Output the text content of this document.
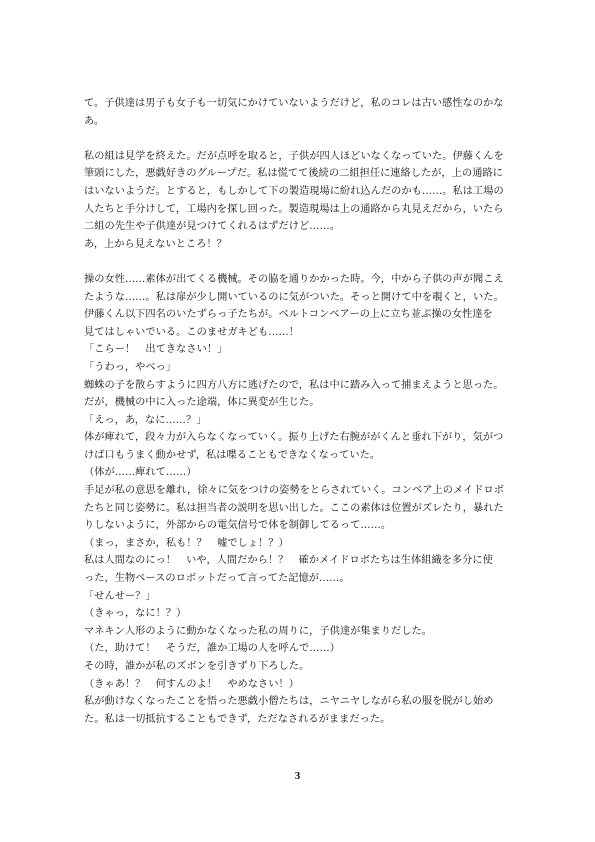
て。子供達は男子も女子も一切気にかけていないようだけど，私のコレは古い感性なのかな
あ。
私の組は見学を終えた。だが点呼を取ると，子供が四人ほどいなくなっていた。伊藤くんを
筆頭にした，悪戯好きのグループだ。私は慌てて後続の二組担任に連絡したが，上の通路に
はいないようだ。とすると，もしかして下の製造現場に紛れ込んだのかも……。私は工場の
人たちと手分けして，工場内を探し回った。製造現場は上の通路から丸見えだから，いたら
二組の先生や子供達が見つけてくれるはずだけど……。
あ，上から見えないところ！？
操の女性……素体が出てくる機械。その脇を通りかかった時。今，中から子供の声が聞こえ
たような……。私は扉が少し開いているのに気がついた。そっと開けて中を覗くと，いた。
伊藤くん以下四名のいたずらっ子たちが。ベルトコンベアーの上に立ち並ぶ操の女性達を
見てはしゃいでいる。このませガキども……！
「こらー！　出てきなさい！」
「うわっ，やべっ」
蜘蛛の子を散らすように四方八方に逃げたので，私は中に踏み入って捕まえようと思った。
だが，機械の中に入った途端，体に異変が生じた。
「えっ，あ，なに……？」
体が痺れて，段々力が入らなくなっていく。振り上げた右腕ががくんと垂れ下がり，気がつ
けば口もうまく動かせず，私は喋ることもできなくなっていた。
（体が……痺れて……）
手足が私の意思を離れ，徐々に気をつけの姿勢をとらされていく。コンベア上のメイドロボ
たちと同じ姿勢に。私は担当者の説明を思い出した。ここの素体は位置がズレたり，暴れた
りしないように，外部からの電気信号で体を制御してるって……。
（まっ，まさか，私も！？　嘘でしょ！？）
私は人間なのにっ！　いや，人間だから！？　確かメイドロボたちは生体組織を多分に使
った，生物ベースのロボットだって言ってた記憶が……。
「せんせー？」
（きゃっ，なに！？）
マネキン人形のように動かなくなった私の周りに，子供達が集まりだした。
（た，助けて！　そうだ，誰か工場の人を呼んで……）
その時，誰かが私のズボンを引きずり下ろした。
（きゃあ！？　何すんのよ！　やめなさい！）
私が動けなくなったことを悟った悪戯小僧たちは，ニヤニヤしながら私の服を脱がし始め
た。私は一切抵抗することもできず，ただなされるがままだった。
3
